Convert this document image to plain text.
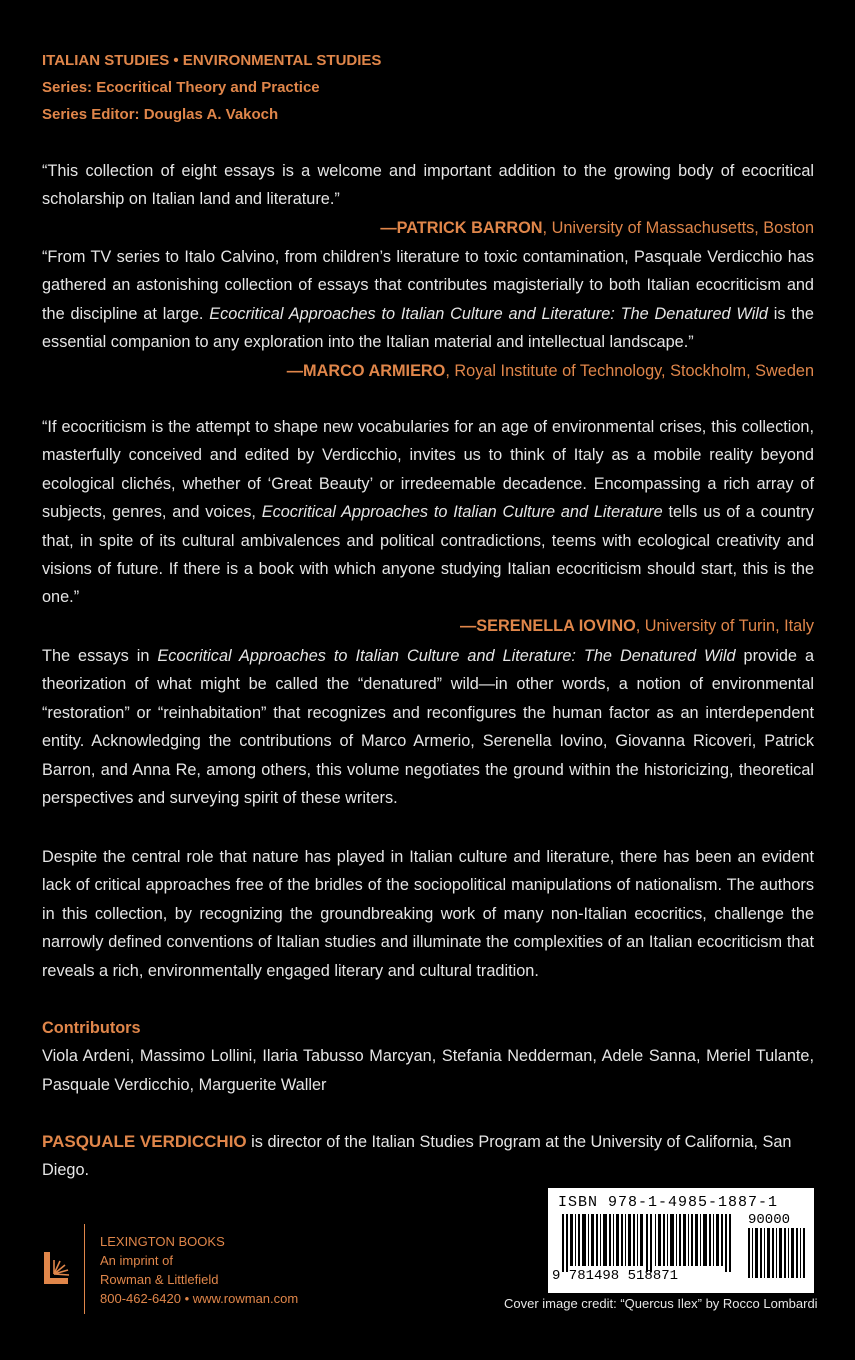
ITALIAN STUDIES • ENVIRONMENTAL STUDIES
Series: Ecocritical Theory and Practice
Series Editor: Douglas A. Vakoch

“This collection of eight essays is a welcome and important addition to the growing body of ecocritical scholarship on Italian land and literature.”
—PATRICK BARRON, University of Massachusetts, Boston

“From TV series to Italo Calvino, from children’s literature to toxic contamination, Pasquale Verdicchio has gathered an astonishing collection of essays that contributes magisterially to both Italian ecocriticism and the discipline at large. Ecocritical Approaches to Italian Culture and Literature: The Denatured Wild is the essential companion to any exploration into the Italian material and intellectual landscape.”

—MARCO ARMIERO, Royal Institute of Technology, Stockholm, Sweden

“If ecocriticism is the attempt to shape new vocabularies for an age of environmental crises, this collection, masterfully conceived and edited by Verdicchio, invites us to think of Italy as a mobile reality beyond ecological clichés, whether of ‘Great Beauty’ or irredeemable decadence. Encompassing a rich array of subjects, genres, and voices, Ecocritical Approaches to Italian Culture and Literature tells us of a country that, in spite of its cultural ambivalences and political contradictions, teems with ecological creativity and visions of future. If there is a book with which anyone studying Italian ecocriticism should start, this is the one.”

—SERENELLA IOVINO, University of Turin, Italy

The essays in Ecocritical Approaches to Italian Culture and Literature: The Denatured Wild provide a theorization of what might be called the “denatured” wild—in other words, a notion of environmental “restoration” or “reinhabitation” that recognizes and reconfigures the human factor as an interdependent entity. Acknowledging the contributions of Marco Armerio, Serenella Iovino, Giovanna Ricoveri, Patrick Barron, and Anna Re, among others, this volume negotiates the ground within the historicizing, theoretical perspectives and surveying spirit of these writers.

Despite the central role that nature has played in Italian culture and literature, there has been an evident lack of critical approaches free of the bridles of the sociopolitical manipulations of nationalism. The authors in this collection, by recognizing the groundbreaking work of many non-Italian ecocritics, challenge the narrowly defined conventions of Italian studies and illuminate the complexities of an Italian ecocriticism that reveals a rich, environmentally engaged literary and cultural tradition.

Contributors

Viola Ardeni, Massimo Lollini, Ilaria Tabusso Marcyan, Stefania Nedderman, Adele Sanna, Meriel Tulante, Pasquale Verdicchio, Marguerite Waller

PASQUALE VERDICCHIO is director of the Italian Studies Program at the University of California, San Diego.

LEXINGTON BOOKS
An imprint of
Rowman & Littlefield
800-462-6420 • www.rowman.com
ISBN 978-1-4985-1887-1
9 781498 518871
90000
Cover image credit: “Quercus Ilex” by Rocco Lombardi
